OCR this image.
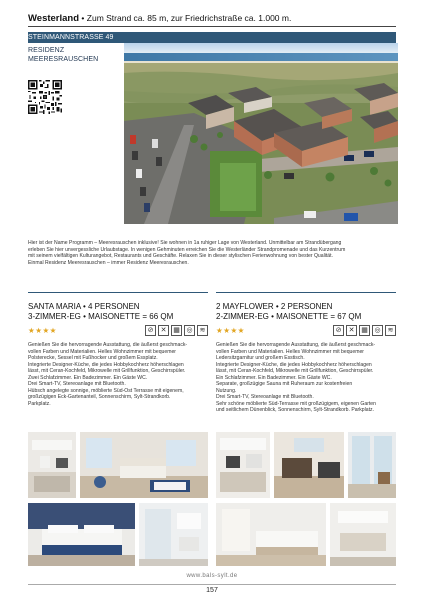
Westerland • Zum Strand ca. 85 m, zur Friedrichstraße ca. 1.000 m.
STEINMANNSTRASSE 49
RESIDENZ
MEERESRAUSCHEN
Hier ist der Name Programm – Meeresrauschen inklusive! Sie wohnen in 1a ruhiger Lage von Westerland. Unmittelbar am Strandübergang
erleben Sie hier unvergessliche Urlaubstage. In wenigen Gehminuten erreichen Sie die Westerländer Strandpromenade und das Kurzentrum
mit seinem vielfältigen Kulturangebot, Restaurants und Geschäfte. Relaxen Sie in dieser stylischen Ferienwohnung von bester Qualität.
Einmal Residenz Meeresrauschen – immer Residenz Meeresrauschen.
SANTA MARIA • 4 PERSONEN
3-ZIMMER-EG • MAISONETTE = 66 QM
★★★★	⊘	✕ ▦ ◎	≋
Genießen Sie die hervorragende Ausstattung, die äußerst geschmack-
vollen Farben und Materialien. Helles Wohnzimmer mit bequemer
Polsterecke, Sessel mit Fußhocker und großem Essplatz.
Integrierte Designer-Küche, die jedes Hobbykochherz höherschlagen
lässt, mit Ceran-Kochfeld, Mikrowelle mit Grillfunktion, Geschirrspüler.
Zwei Schlafzimmer. Ein Badezimmer. Ein Gäste WC.
Drei Smart-TV, Stereoanlage mit Bluetooth.
Hübsch angelegte sonnige, möblierte Süd-Ost Terrasse mit eigenem,
großzügigen Eck-Gartenanteil, Sonnenschirm, Sylt-Strandkorb.
Parkplatz.
2 MAYFLOWER • 2 PERSONEN
2-ZIMMER-EG • MAISONETTE = 67 QM
★★★★	⊘	✕ ▦ ◎	≋
Genießen Sie die hervorragende Ausstattung, die äußerst geschmack-
vollen Farben und Materialien. Helles Wohnzimmer mit bequemer
Ledersitzgarnitur und großem Esstisch.
Integrierte Designer-Küche, die jedes Hobbykochherz höherschlagen
lässt, mit Ceran-Kochfeld, Mikrowelle mit Grillfunktion, Geschirrspüler.
Ein Schlafzimmer. Ein Badezimmer. Ein Gäste WC.
Separate, großzügige Sauna mit Ruheraum zur kostenfreien
Nutzung.
Drei Smart-TV, Stereoanlage mit Bluetooth.
Sehr schöne möblierte Süd-Terrasse mit großzügigem, eigenen Garten
und seitlichem Dünenblick, Sonnenschirm, Sylt-Strandkorb. Parkplatz.
www.bals-sylt.de
157
